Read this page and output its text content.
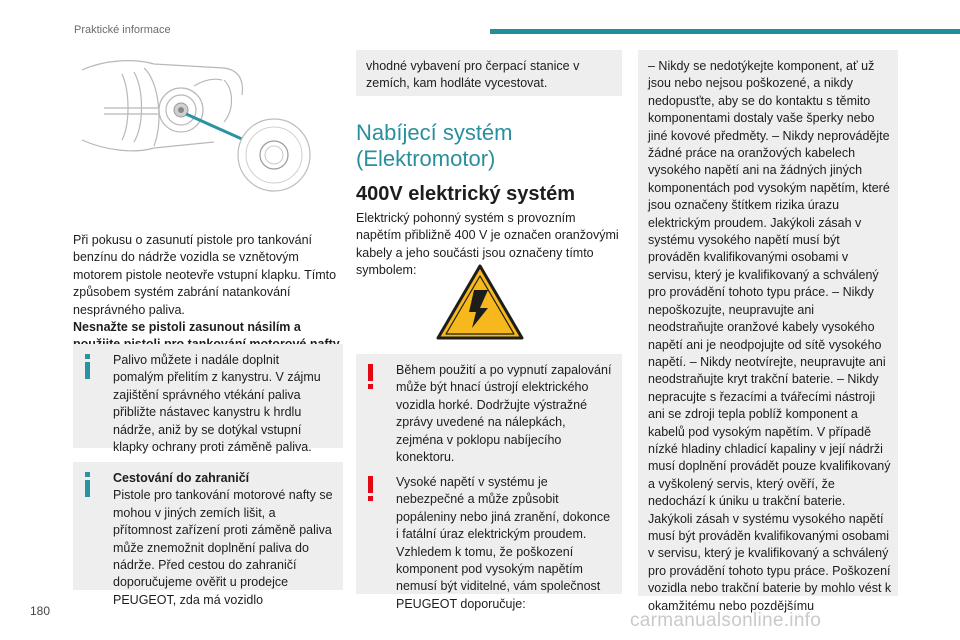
Praktické informace

Při pokusu o zasunutí pistole pro tankování benzínu do nádrže vozidla se vznětovým motorem pistole neotevře vstupní klapku. Tímto způsobem systém zabrání natankování nesprávného paliva.

Nesnažte se pistoli zasunout násilím a

Palivo můžete i nadále doplnit pomalým přelitím z kanystru. V zájmu zajištění správného vtékání paliva přibližte nástavec kanystru k hrdlu nádrže, aniž by se dotýkal vstupní klapky ochrany proti záměně paliva.
Cestování do zahraničí
Pistole pro tankování motorové nafty se mohou v jiných zemích lišit, a přítomnost zařízení proti záměně paliva může znemožnit doplnění paliva do nádrže. Před cestou do zahraničí doporučujeme ověřit u prodejce PEUGEOT, zda má vozidlo
vhodné vybavení pro čerpací stanice v zemích, kam hodláte vycestovat.
Nabíjecí systém (Elektromotor)
400V elektrický systém

Elektrický pohonný systém s provozním napětím přibližně 400 V je označen oranžovými kabely a jeho součásti jsou označeny tímto symbolem:

Během použití a po vypnutí zapalování může být hnací ústrojí elektrického vozidla horké. Dodržujte výstražné zprávy uvedené na nálepkách, zejména v poklopu nabíjecího konektoru.
Vysoké napětí v systému je nebezpečné a může způsobit popáleniny nebo jiná zranění, dokonce i fatální úraz elektrickým proudem. Vzhledem k tomu, že poškození komponent pod vysokým napětím nemusí být viditelné, vám společnost PEUGEOT doporučuje:
– Nikdy se nedotýkejte komponent, ať už jsou nebo nejsou poškozené, a nikdy nedopusťte, aby se do kontaktu s těmito komponentami dostaly vaše šperky nebo jiné kovové předměty. – Nikdy neprovádějte žádné práce na oranžových kabelech vysokého napětí ani na žádných jiných komponentách pod vysokým napětím, které jsou označeny štítkem rizika úrazu elektrickým proudem. Jakýkoli zásah v systému vysokého napětí musí být prováděn kvalifikovanými osobami v servisu, který je kvalifikovaný a schválený pro provádění tohoto typu práce. – Nikdy nepoškozujte, neupravujte ani neodstraňujte oranžové kabely vysokého napětí ani je neodpojujte od sítě vysokého napětí. – Nikdy neotvírejte, neupravujte ani neodstraňujte kryt trakční baterie. – Nikdy nepracujte s řezacími a tvářecími nástroji ani se zdroji tepla poblíž komponent a kabelů pod vysokým napětím. V případě nízké hladiny chladicí kapaliny v její nádrži musí doplnění provádět pouze kvalifikovaný a vyškolený servis, který ověří, že nedochází k úniku u trakční baterie. Jakýkoli zásah v systému vysokého napětí musí být prováděn kvalifikovanými osobami v servisu, který je kvalifikovaný a schválený pro provádění tohoto typu práce. Poškození vozidla nebo trakční baterie by mohlo vést k okamžitému nebo pozdějšímu
180	carmanualsonline.info
